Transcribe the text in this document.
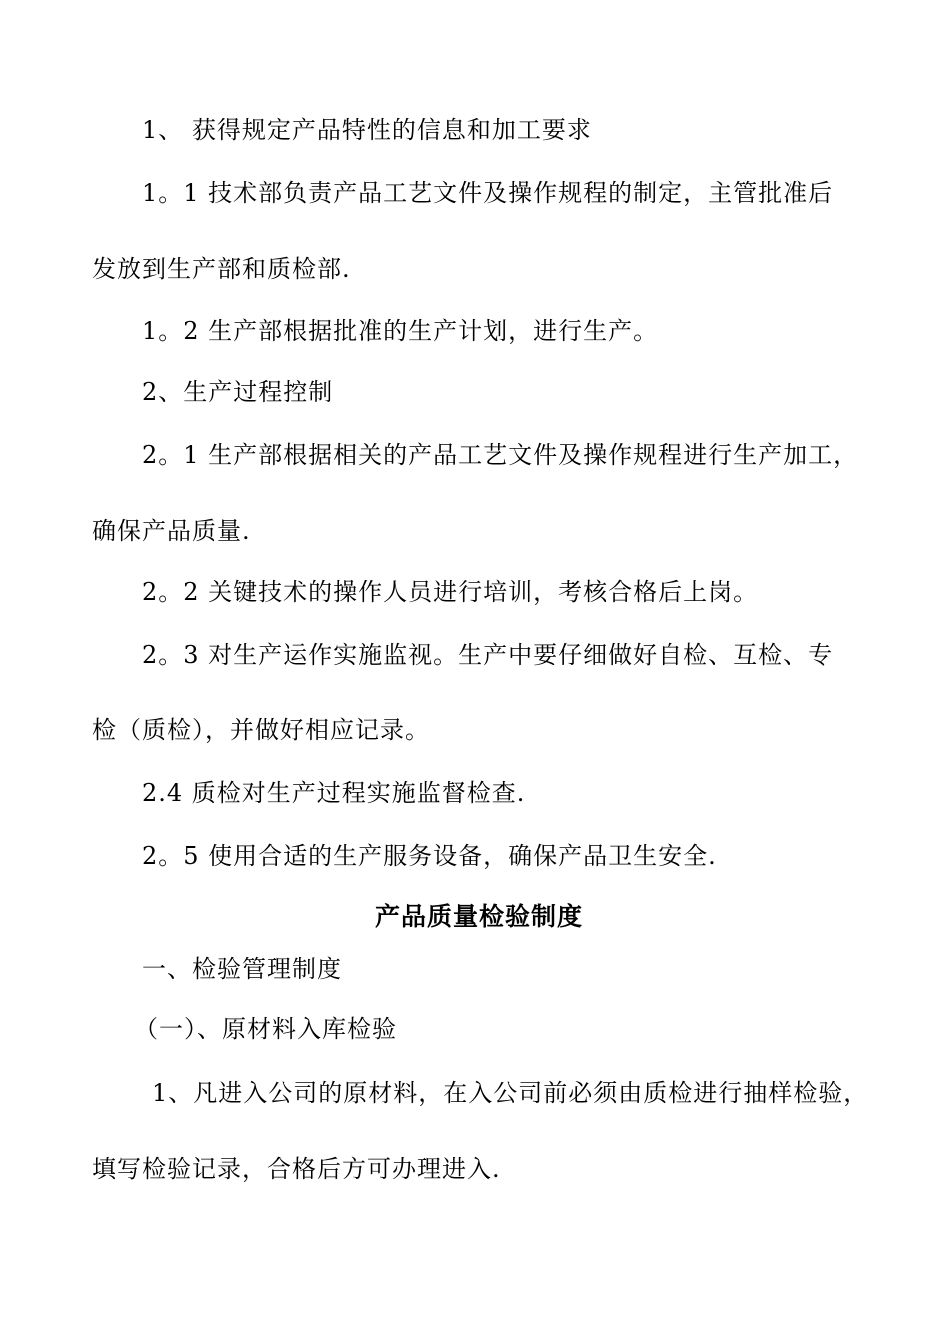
1、 获得规定产品特性的信息和加工要求
1。1 技术部负责产品工艺文件及操作规程的制定，主管批准后
发放到生产部和质检部.
1。2 生产部根据批准的生产计划，进行生产。
2、生产过程控制
2。1 生产部根据相关的产品工艺文件及操作规程进行生产加工，
确保产品质量.
2。2 关键技术的操作人员进行培训，考核合格后上岗。
2。3 对生产运作实施监视。生产中要仔细做好自检、互检、专
检（质检），并做好相应记录。
2.4 质检对生产过程实施监督检查.
2。5 使用合适的生产服务设备，确保产品卫生安全.
产品质量检验制度
一、检验管理制度
（一）、原材料入库检验
1、凡进入公司的原材料，在入公司前必须由质检进行抽样检验，
填写检验记录，合格后方可办理进入.
